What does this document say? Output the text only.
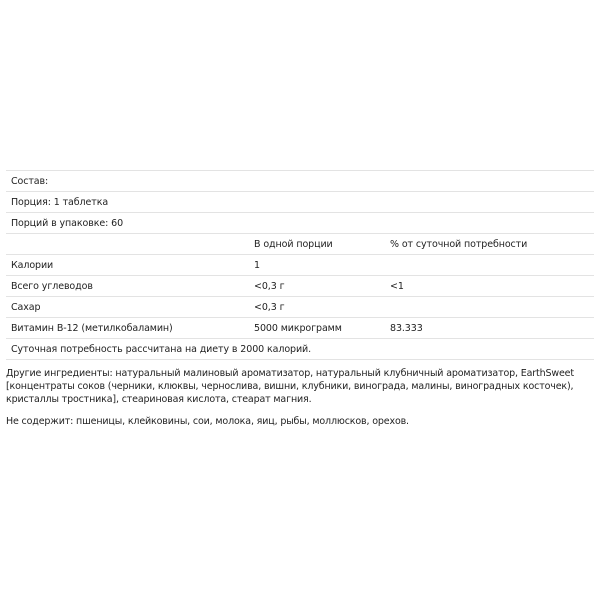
Состав:		
Порция: 1 таблетка		
Порций в упаковке: 60		
	В одной порции	% от суточной потребности
Калории	1	
Всего углеводов	<0,3 г	<1
Сахар	<0,3 г	
Витамин В-12 (метилкобаламин)	5000 микрограмм	83.333
Суточная потребность рассчитана на диету в 2000 калорий.		

Другие ингредиенты: натуральный малиновый ароматизатор, натуральный клубничный ароматизатор, EarthSweet [концентраты соков (черники, клюквы, чернослива, вишни, клубники, винограда, малины, виноградных косточек), кристаллы тростника], стеариновая кислота, стеарат магния.

Не содержит: пшеницы, клейковины, сои, молока, яиц, рыбы, моллюсков, орехов.
